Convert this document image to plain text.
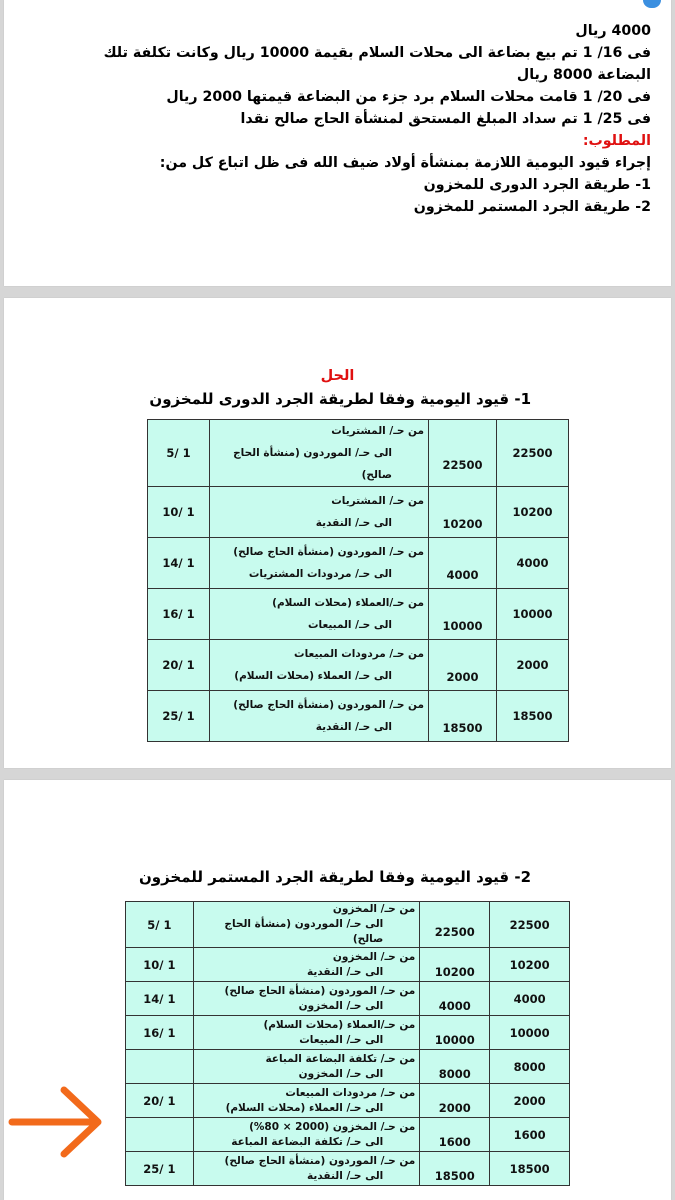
4000 ريال
فى 16/ 1 تم بيع بضاعة الى محلات السلام بقيمة 10000 ريال وكانت تكلفة تلك
البضاعة 8000 ريال
فى 20/ 1 قامت محلات السلام برد جزء من البضاعة قيمتها 2000 ريال
فى 25/ 1 تم سداد المبلغ المستحق لمنشأة الحاج صالح نقدا
المطلوب:
إجراء قيود اليومية اللازمة بمنشأة أولاد ضيف الله فى ظل اتباع كل من:
1- طريقة الجرد الدورى للمخزون
2- طريقة الجرد المستمر للمخزون
الحل
1- قيود اليومية وفقا لطريقة الجرد الدورى للمخزون
22500	22500	من حـ/ المشتريات
الى حـ/ الموردون (منشأة الحاج صالح)	1 /5
10200	10200	من حـ/ المشتريات
الى حـ/ النقدية	1 /10
4000	4000	من حـ/ الموردون (منشأة الحاج صالح)
الى حـ/ مردودات المشتريات	1 /14
10000	10000	من حـ/العملاء (محلات السلام)
الى حـ/ المبيعات	1 /16
2000	2000	من حـ/ مردودات المبيعات
الى حـ/ العملاء (محلات السلام)	1 /20
18500	18500	من حـ/ الموردون (منشأة الحاج صالح)
الى حـ/ النقدية	1 /25
2- قيود اليومية وفقا لطريقة الجرد المستمر للمخزون
22500	22500	من حـ/ المخزون
الى حـ/ الموردون (منشأة الحاج صالح)	1 /5
10200	10200	من حـ/ المخزون
الى حـ/ النقدية	1 /10
4000	4000	من حـ/ الموردون (منشأة الحاج صالح)
الى حـ/ المخزون	1 /14
10000	10000	من حـ/العملاء (محلات السلام)
الى حـ/ المبيعات	1 /16
8000	8000	من حـ/ تكلفة البضاعة المباعة
الى حـ/ المخزون	

2000	2000	من حـ/ مردودات المبيعات
الى حـ/ العملاء (محلات السلام)	1 /20
1600	1600	من حـ/ المخزون (2000 × 80%)
الى حـ/ تكلفة البضاعة المباعة	

18500	18500	من حـ/ الموردون (منشأة الحاج صالح)
الى حـ/ النقدية	1 /25
